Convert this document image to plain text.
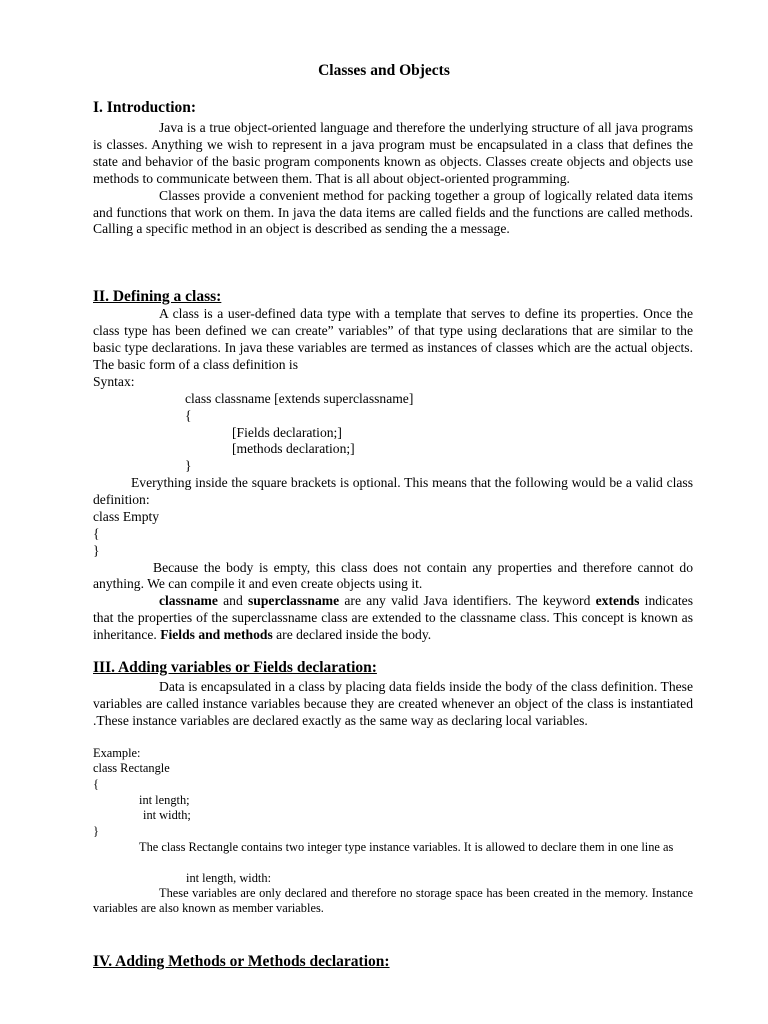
Classes and Objects
I. Introduction:

Java is a true object-oriented language and therefore the underlying structure of all java programs is classes. Anything we wish to represent in a java program must be encapsulated in a class that defines the state and behavior of the basic program components known as objects. Classes create objects and objects use methods to communicate between them. That is all about object-oriented programming.

Classes provide a convenient method for packing together a group of logically related data items and functions that work on them. In java the data items are called fields and the functions are called methods. Calling a specific method in an object is described as sending the a message.

II. Defining a class:

A class is a user-defined data type with a template that serves to define its properties. Once the class type has been defined we can create” variables” of that type using declarations that are similar to the basic type declarations. In java these variables are termed as instances of classes which are the actual objects. The basic form of a class definition is

Syntax:

class classname [extends superclassname]
{
[Fields declaration;]
[methods declaration;]
}

Everything inside the square brackets is optional. This means that the following would be a valid class definition:

class Empty

{

}

Because the body is empty, this class does not contain any properties and therefore cannot do anything. We can compile it and even create objects using it.

classname and superclassname are any valid Java identifiers. The keyword extends indicates that the properties of the superclassname class are extended to the classname class. This concept is known as inheritance. Fields and methods are declared inside the body.

III. Adding variables or Fields declaration:

Data is encapsulated in a class by placing data fields inside the body of the class definition. These variables are called instance variables because they are created whenever an object of the class is instantiated .These instance variables are declared exactly as the same way as declaring local variables.

Example:

class Rectangle

{

int length;
int width;
}

The class Rectangle contains two integer type instance variables. It is allowed to declare them in one line as

int length, width:

These variables are only declared and therefore no storage space has been created in the memory. Instance variables are also known as member variables.

IV. Adding Methods or Methods declaration:
